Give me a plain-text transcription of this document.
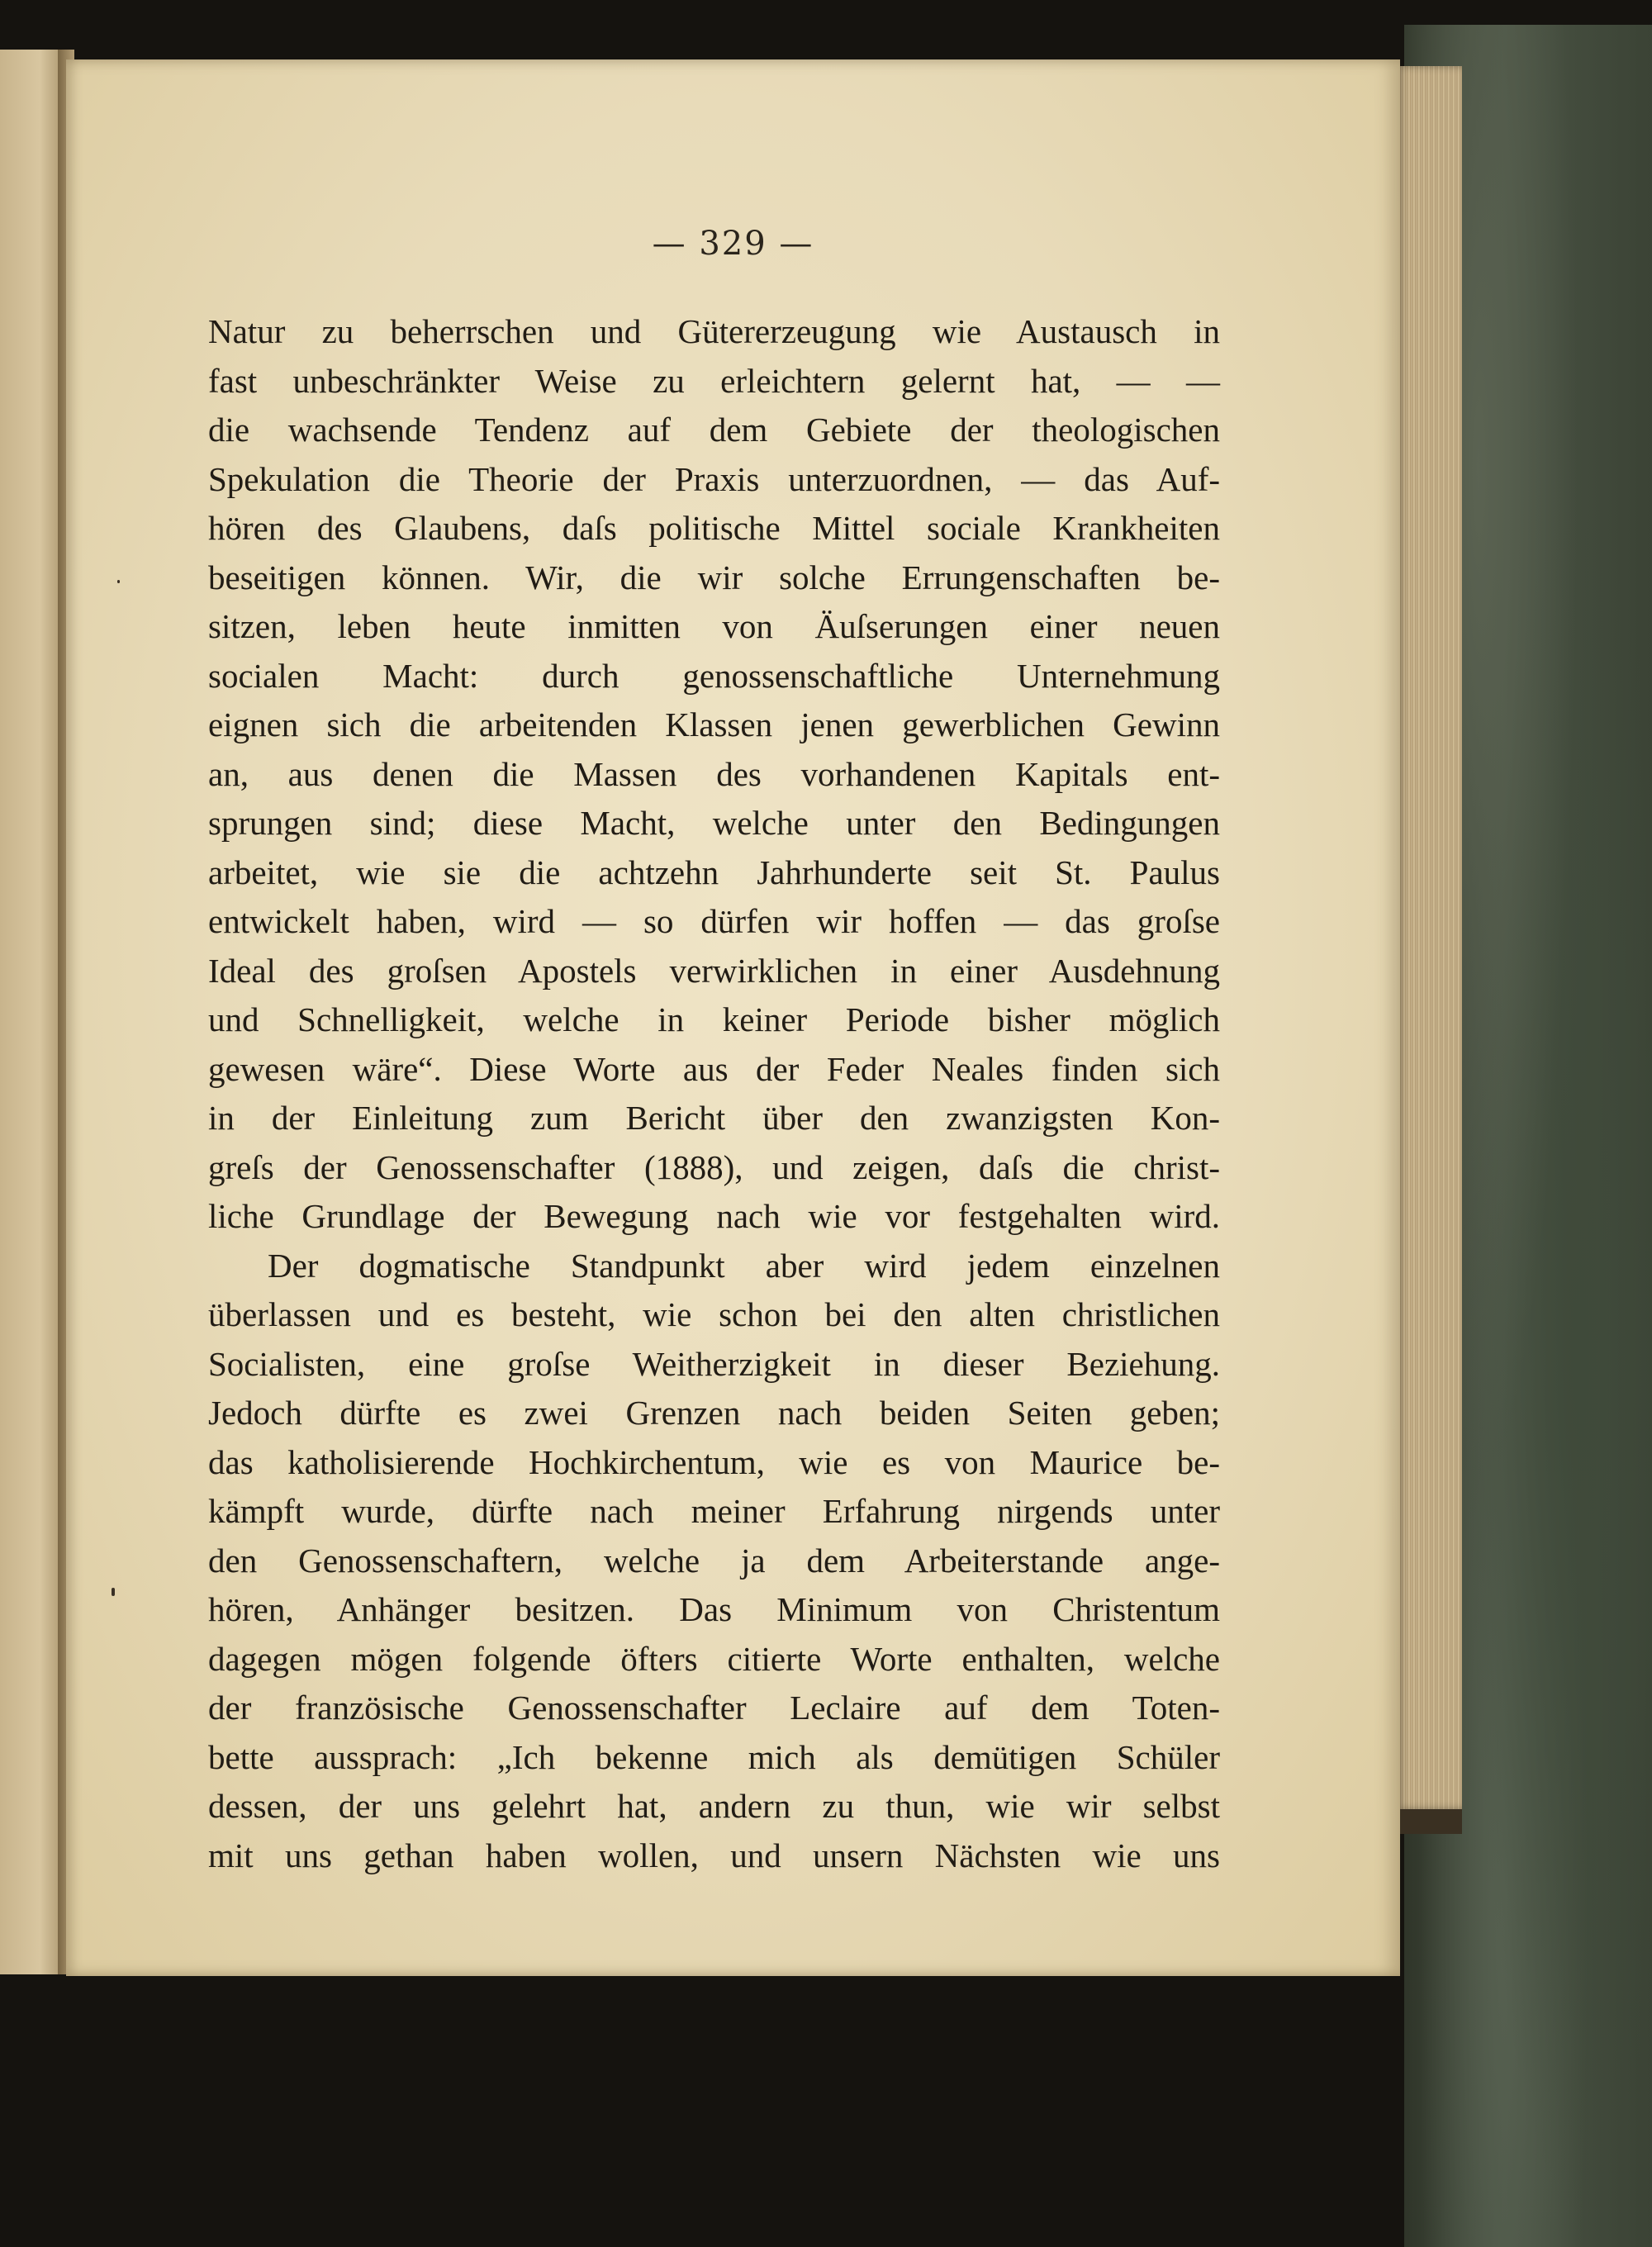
— 329 —
Natur zu beherrschen und Gütererzeugung wie Austausch in
fast unbeschränkter Weise zu erleichtern gelernt hat, — —
die wachsende Tendenz auf dem Gebiete der theologischen
Spekulation die Theorie der Praxis unterzuordnen, — das Auf-
hören des Glaubens, daſs politische Mittel sociale Krankheiten
beseitigen können. Wir, die wir solche Errungenschaften be-
sitzen, leben heute inmitten von Äuſserungen einer neuen
socialen Macht: durch genossenschaftliche Unternehmung
eignen sich die arbeitenden Klassen jenen gewerblichen Gewinn
an, aus denen die Massen des vorhandenen Kapitals ent-
sprungen sind; diese Macht, welche unter den Bedingungen
arbeitet, wie sie die achtzehn Jahrhunderte seit St. Paulus
entwickelt haben, wird — so dürfen wir hoffen — das groſse
Ideal des groſsen Apostels verwirklichen in einer Ausdehnung
und Schnelligkeit, welche in keiner Periode bisher möglich
gewesen wäre“. Diese Worte aus der Feder Neales finden sich
in der Einleitung zum Bericht über den zwanzigsten Kon-
greſs der Genossenschafter (1888), und zeigen, daſs die christ-
liche Grundlage der Bewegung nach wie vor festgehalten wird.
Der dogmatische Standpunkt aber wird jedem einzelnen
überlassen und es besteht, wie schon bei den alten christlichen
Socialisten, eine groſse Weitherzigkeit in dieser Beziehung.
Jedoch dürfte es zwei Grenzen nach beiden Seiten geben;
das katholisierende Hochkirchentum, wie es von Maurice be-
kämpft wurde, dürfte nach meiner Erfahrung nirgends unter
den Genossenschaftern, welche ja dem Arbeiterstande ange-
hören, Anhänger besitzen. Das Minimum von Christentum
dagegen mögen folgende öfters citierte Worte enthalten, welche
der französische Genossenschafter Leclaire auf dem Toten-
bette aussprach: „Ich bekenne mich als demütigen Schüler
dessen, der uns gelehrt hat, andern zu thun, wie wir selbst
mit uns gethan haben wollen, und unsern Nächsten wie uns
